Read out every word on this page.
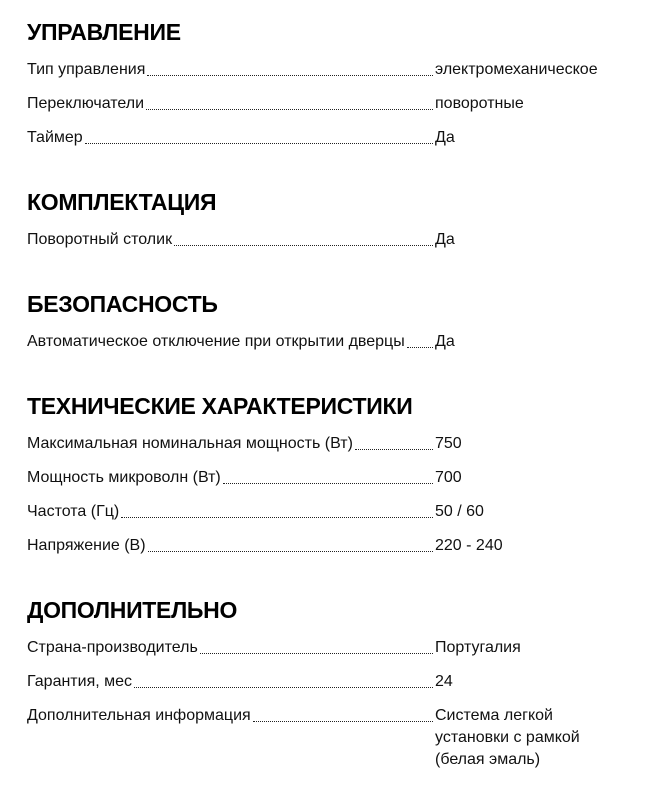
УПРАВЛЕНИЕ
Тип управления	электромеханическое
Переключатели	поворотные
Таймер	Да
КОМПЛЕКТАЦИЯ
Поворотный столик	Да
БЕЗОПАСНОСТЬ
Автоматическое отключение при открытии дверцы Да
ТЕХНИЧЕСКИЕ ХАРАКТЕРИСТИКИ
Максимальная номинальная мощность (Вт)	750
Мощность микроволн (Вт)	700
Частота (Гц)	50 / 60
Напряжение (В)	220 - 240
ДОПОЛНИТЕЛЬНО
Страна-производитель	Португалия
Гарантия, мес	24
Дополнительная информация	Система легкой установки с рамкой (белая эмаль)
